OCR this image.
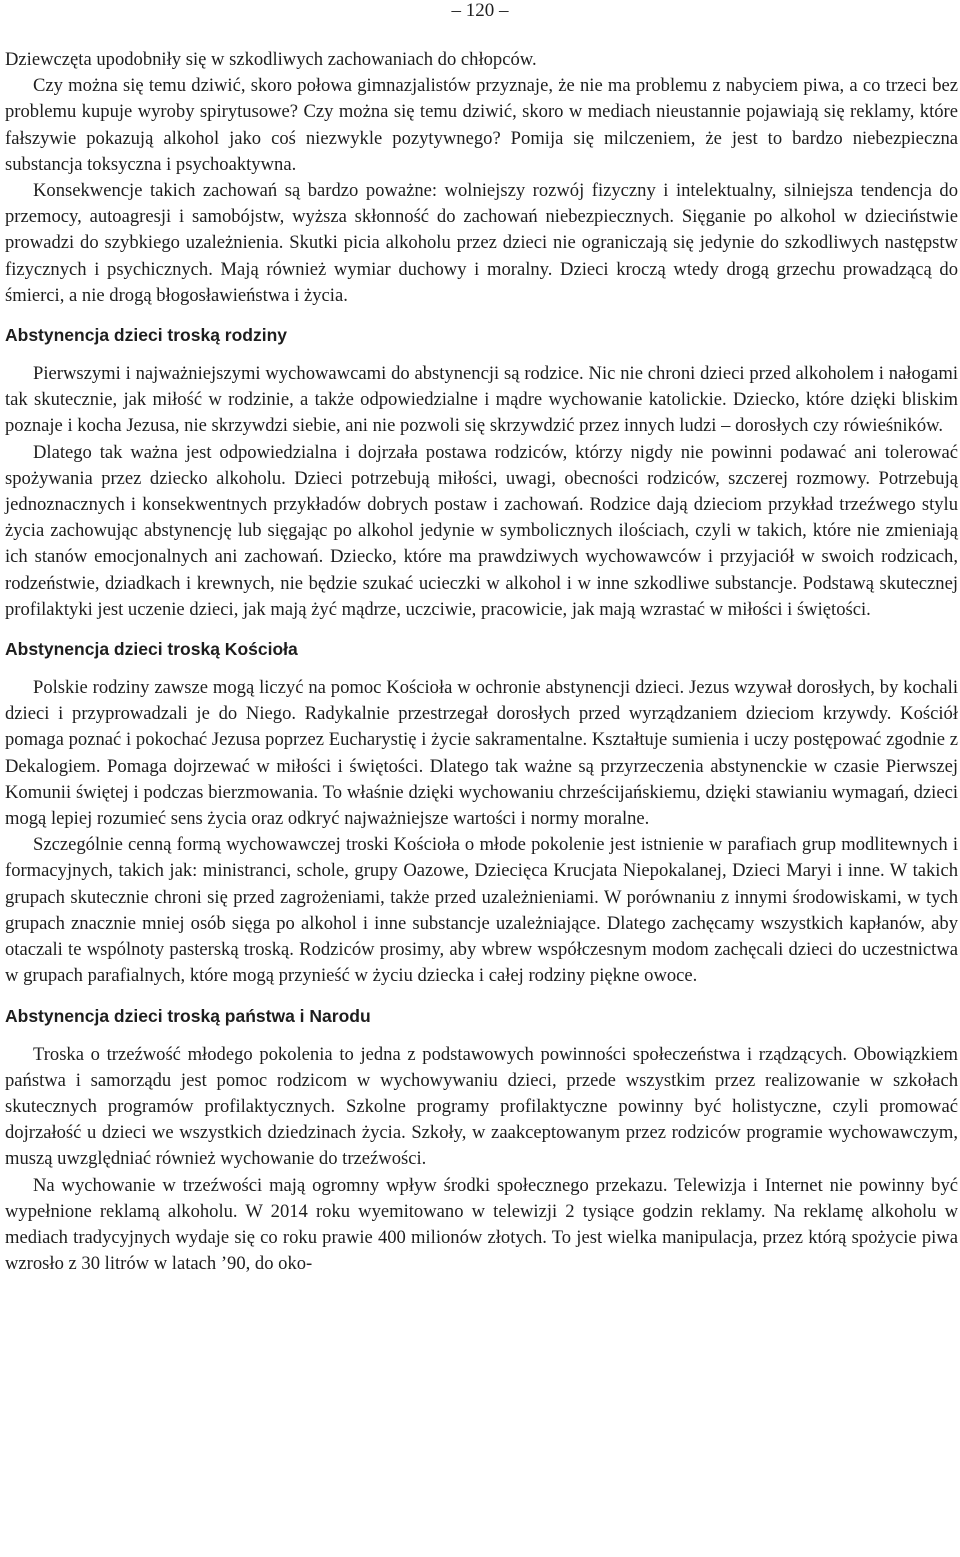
– 120 –

Dziewczęta upodobniły się w szkodliwych zachowaniach do chłopców.

Czy można się temu dziwić, skoro połowa gimnazjalistów przyznaje, że nie ma problemu z nabyciem piwa, a co trzeci bez problemu kupuje wyroby spirytusowe? Czy można się temu dziwić, skoro w mediach nieustannie pojawiają się reklamy, które fałszywie pokazują alkohol jako coś niezwykle pozytywnego? Pomija się milczeniem, że jest to bardzo niebezpieczna substancja toksyczna i psychoaktywna.

Konsekwencje takich zachowań są bardzo poważne: wolniejszy rozwój fizyczny i intelektualny, silniejsza tendencja do przemocy, autoagresji i samobójstw, wyższa skłonność do zachowań niebezpiecznych. Sięganie po alkohol w dzieciństwie prowadzi do szybkiego uzależnienia. Skutki picia alkoholu przez dzieci nie ograniczają się jedynie do szkodliwych następstw fizycznych i psychicznych. Mają również wymiar duchowy i moralny. Dzieci kroczą wtedy drogą grzechu prowadzącą do śmierci, a nie drogą błogosławieństwa i życia.

Abstynencja dzieci troską rodziny

Pierwszymi i najważniejszymi wychowawcami do abstynencji są rodzice. Nic nie chroni dzieci przed alkoholem i nałogami tak skutecznie, jak miłość w rodzinie, a także odpowiedzialne i mądre wychowanie katolickie. Dziecko, które dzięki bliskim poznaje i kocha Jezusa, nie skrzywdzi siebie, ani nie pozwoli się skrzywdzić przez innych ludzi – dorosłych czy rówieśników.

Dlatego tak ważna jest odpowiedzialna i dojrzała postawa rodziców, którzy nigdy nie powinni podawać ani tolerować spożywania przez dziecko alkoholu. Dzieci potrzebują miłości, uwagi, obecności rodziców, szczerej rozmowy. Potrzebują jednoznacznych i konsekwentnych przykładów dobrych postaw i zachowań. Rodzice dają dzieciom przykład trzeźwego stylu życia zachowując abstynencję lub sięgając po alkohol jedynie w symbolicznych ilościach, czyli w takich, które nie zmieniają ich stanów emocjonalnych ani zachowań. Dziecko, które ma prawdziwych wychowawców i przyjaciół w swoich rodzicach, rodzeństwie, dziadkach i krewnych, nie będzie szukać ucieczki w alkohol i w inne szkodliwe substancje. Podstawą skutecznej profilaktyki jest uczenie dzieci, jak mają żyć mądrze, uczciwie, pracowicie, jak mają wzrastać w miłości i świętości.

Abstynencja dzieci troską Kościoła

Polskie rodziny zawsze mogą liczyć na pomoc Kościoła w ochronie abstynencji dzieci. Jezus wzywał dorosłych, by kochali dzieci i przyprowadzali je do Niego. Radykalnie przestrzegał dorosłych przed wyrządzaniem dzieciom krzywdy. Kościół pomaga poznać i pokochać Jezusa poprzez Eucharystię i życie sakramentalne. Kształtuje sumienia i uczy postępować zgodnie z Dekalogiem. Pomaga dojrzewać w miłości i świętości. Dlatego tak ważne są przyrzeczenia abstynenckie w czasie Pierwszej Komunii świętej i podczas bierzmowania. To właśnie dzięki wychowaniu chrześcijańskiemu, dzięki stawianiu wymagań, dzieci mogą lepiej rozumieć sens życia oraz odkryć najważniejsze wartości i normy moralne.

Szczególnie cenną formą wychowawczej troski Kościoła o młode pokolenie jest istnienie w parafiach grup modlitewnych i formacyjnych, takich jak: ministranci, schole, grupy Oazowe, Dziecięca Krucjata Niepokalanej, Dzieci Maryi i inne. W takich grupach skutecznie chroni się przed zagrożeniami, także przed uzależnieniami. W porównaniu z innymi środowiskami, w tych grupach znacznie mniej osób sięga po alkohol i inne substancje uzależniające. Dlatego zachęcamy wszystkich kapłanów, aby otaczali te wspólnoty pasterską troską. Rodziców prosimy, aby wbrew współczesnym modom zachęcali dzieci do uczestnictwa w grupach parafialnych, które mogą przynieść w życiu dziecka i całej rodziny piękne owoce.

Abstynencja dzieci troską państwa i Narodu

Troska o trzeźwość młodego pokolenia to jedna z podstawowych powinności społeczeństwa i rządzących. Obowiązkiem państwa i samorządu jest pomoc rodzicom w wychowywaniu dzieci, przede wszystkim przez realizowanie w szkołach skutecznych programów profilaktycznych. Szkolne programy profilaktyczne powinny być holistyczne, czyli promować dojrzałość u dzieci we wszystkich dziedzinach życia. Szkoły, w zaakceptowanym przez rodziców programie wychowawczym, muszą uwzględniać również wychowanie do trzeźwości.

Na wychowanie w trzeźwości mają ogromny wpływ środki społecznego przekazu. Telewizja i Internet nie powinny być wypełnione reklamą alkoholu. W 2014 roku wyemitowano w telewizji 2 tysiące godzin reklamy. Na reklamę alkoholu w mediach tradycyjnych wydaje się co roku prawie 400 milionów złotych. To jest wielka manipulacja, przez którą spożycie piwa wzrosło z 30 litrów w latach ’90, do oko-
